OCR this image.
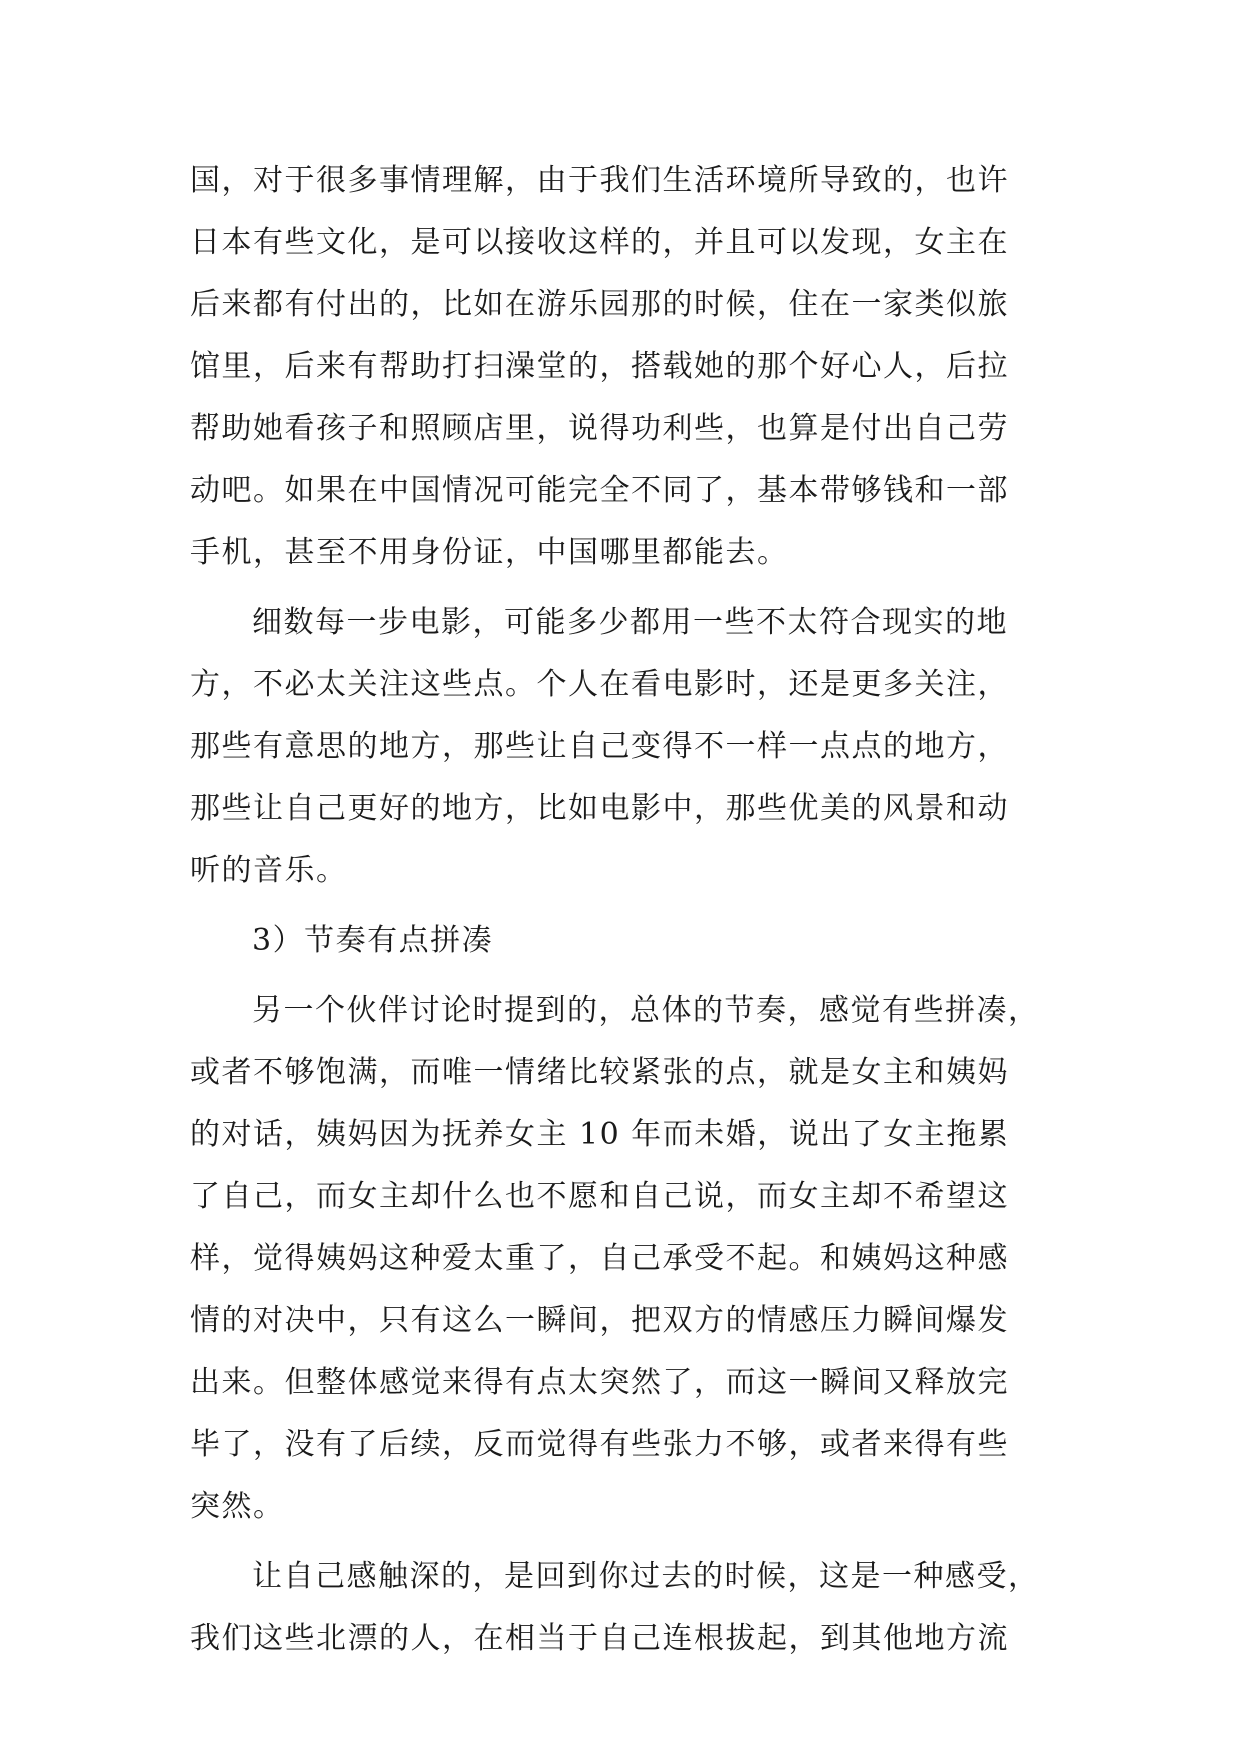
国，对于很多事情理解，由于我们生活环境所导致的，也许
日本有些文化，是可以接收这样的，并且可以发现，女主在
后来都有付出的，比如在游乐园那的时候，住在一家类似旅
馆里，后来有帮助打扫澡堂的，搭载她的那个好心人，后拉
帮助她看孩子和照顾店里，说得功利些，也算是付出自己劳
动吧。如果在中国情况可能完全不同了，基本带够钱和一部
手机，甚至不用身份证，中国哪里都能去。
细数每一步电影，可能多少都用一些不太符合现实的地
方，不必太关注这些点。个人在看电影时，还是更多关注，
那些有意思的地方，那些让自己变得不一样一点点的地方，
那些让自己更好的地方，比如电影中，那些优美的风景和动
听的音乐。
3）节奏有点拼凑
另一个伙伴讨论时提到的，总体的节奏，感觉有些拼凑，
或者不够饱满，而唯一情绪比较紧张的点，就是女主和姨妈
的对话，姨妈因为抚养女主 10 年而未婚，说出了女主拖累
了自己，而女主却什么也不愿和自己说，而女主却不希望这
样，觉得姨妈这种爱太重了，自己承受不起。和姨妈这种感
情的对决中，只有这么一瞬间，把双方的情感压力瞬间爆发
出来。但整体感觉来得有点太突然了，而这一瞬间又释放完
毕了，没有了后续，反而觉得有些张力不够，或者来得有些
突然。
让自己感触深的，是回到你过去的时候，这是一种感受，
我们这些北漂的人，在相当于自己连根拔起，到其他地方流
